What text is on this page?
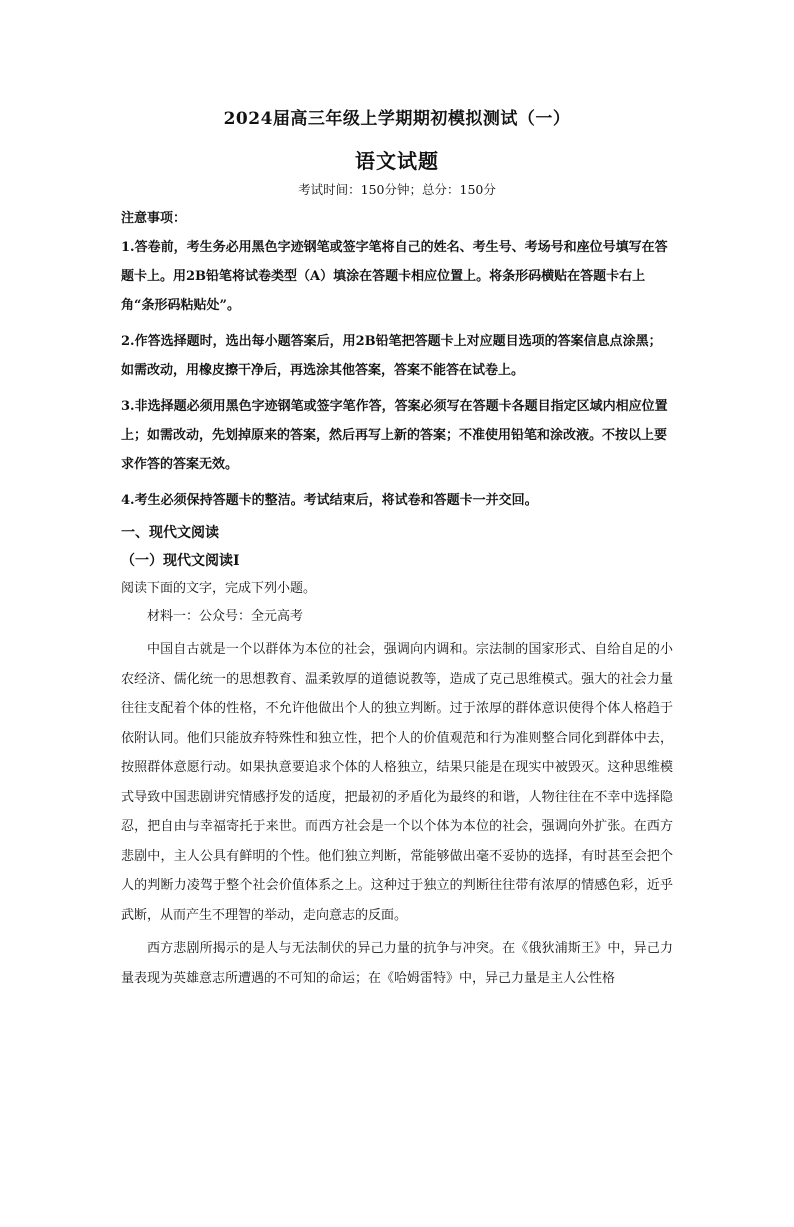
2024届高三年级上学期期初模拟测试（一）
语文试题

考试时间：150分钟；总分：150分

注意事项：

1.答卷前，考生务必用黑色字迹钢笔或签字笔将自己的姓名、考生号、考场号和座位号填写在答题卡上。用2B铅笔将试卷类型（A）填涂在答题卡相应位置上。将条形码横贴在答题卡右上角“条形码粘贴处”。

2.作答选择题时，选出每小题答案后，用2B铅笔把答题卡上对应题目选项的答案信息点涂黑；如需改动，用橡皮擦干净后，再选涂其他答案，答案不能答在试卷上。

3.非选择题必须用黑色字迹钢笔或签字笔作答，答案必须写在答题卡各题目指定区域内相应位置上；如需改动，先划掉原来的答案，然后再写上新的答案；不准使用铅笔和涂改液。不按以上要求作答的答案无效。

4.考生必须保持答题卡的整洁。考试结束后，将试卷和答题卡一并交回。

一、现代文阅读

（一）现代文阅读Ⅰ

阅读下面的文字，完成下列小题。

材料一：公众号：全元高考

中国自古就是一个以群体为本位的社会，强调向内调和。宗法制的国家形式、自给自足的小农经济、儒化统一的思想教育、温柔敦厚的道德说教等，造成了克己思维模式。强大的社会力量往往支配着个体的性格，不允许他做出个人的独立判断。过于浓厚的群体意识使得个体人格趋于依附认同。他们只能放弃特殊性和独立性，把个人的价值观范和行为准则整合同化到群体中去，按照群体意愿行动。如果执意要追求个体的人格独立，结果只能是在现实中被毁灭。这种思维模式导致中国悲剧讲究情感抒发的适度，把最初的矛盾化为最终的和谐，人物往往在不幸中选择隐忍，把自由与幸福寄托于来世。而西方社会是一个以个体为本位的社会，强调向外扩张。在西方悲剧中，主人公具有鲜明的个性。他们独立判断，常能够做出毫不妥协的选择，有时甚至会把个人的判断力凌驾于整个社会价值体系之上。这种过于独立的判断往往带有浓厚的情感色彩，近乎武断，从而产生不理智的举动，走向意志的反面。

西方悲剧所揭示的是人与无法制伏的异己力量的抗争与冲突。在《俄狄浦斯王》中，异己力量表现为英雄意志所遭遇的不可知的命运；在《哈姆雷特》中，异己力量是主人公性格
